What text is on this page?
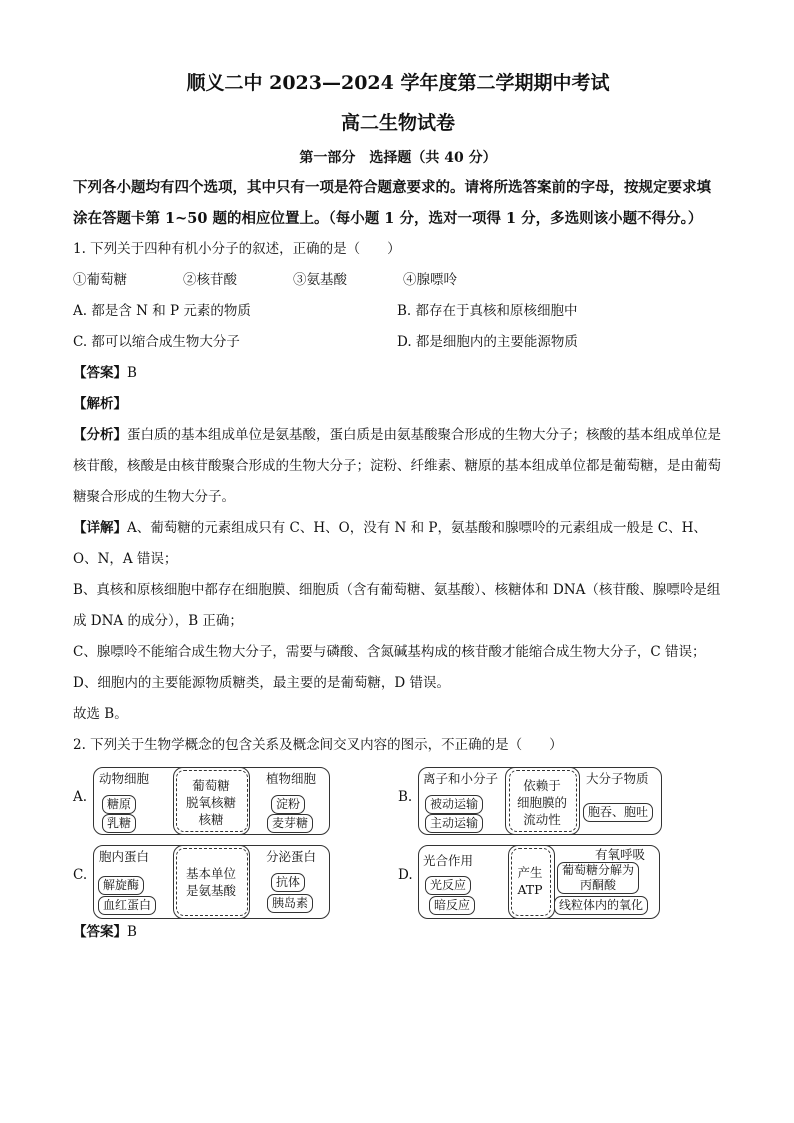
顺义二中 2023—2024 学年度第二学期期中考试
高二生物试卷
第一部分　选择题（共 40 分）

下列各小题均有四个选项，其中只有一项是符合题意要求的。请将所选答案前的字母，按规定要求填涂在答题卡第 1~50 题的相应位置上。（每小题 1 分，选对一项得 1 分，多选则该小题不得分。）

1. 下列关于四种有机小分子的叙述，正确的是（　　）

①葡萄糖	②核苷酸	③氨基酸	④腺嘌呤

A. 都是含 N 和 P 元素的物质	B. 都存在于真核和原核细胞中

C. 都可以缩合成生物大分子	D. 都是细胞内的主要能源物质

【答案】B

【解析】

【分析】蛋白质的基本组成单位是氨基酸，蛋白质是由氨基酸聚合形成的生物大分子；核酸的基本组成单位是核苷酸，核酸是由核苷酸聚合形成的生物大分子；淀粉、纤维素、糖原的基本组成单位都是葡萄糖，是由葡萄糖聚合形成的生物大分子。

【详解】A、葡萄糖的元素组成只有 C、H、O，没有 N 和 P，氨基酸和腺嘌呤的元素组成一般是 C、H、O、N，A 错误；

B、真核和原核细胞中都存在细胞膜、细胞质（含有葡萄糖、氨基酸）、核糖体和 DNA（核苷酸、腺嘌呤是组成 DNA 的成分），B 正确；

C、腺嘌呤不能缩合成生物大分子，需要与磷酸、含氮碱基构成的核苷酸才能缩合成生物大分子，C 错误；

D、细胞内的主要能源物质糖类，最主要的是葡萄糖，D 错误。

故选 B。

2. 下列关于生物学概念的包含关系及概念间交叉内容的图示，不正确的是（　　）

A.
动物细胞
糖原
乳糖
葡萄糖
脱氧核糖
核糖
植物细胞
淀粉
麦芽糖
B.
离子和小分子
被动运输
主动运输
依赖于
细胞膜的
流动性
大分子物质
胞吞、胞吐
C.
胞内蛋白
解旋酶
血红蛋白
基本单位
是氨基酸
分泌蛋白
抗体
胰岛素
D.
光合作用
光反应
暗反应
产生
ATP
有氧呼吸
葡萄糖分解为
丙酮酸
线粒体内的氧化

【答案】B
